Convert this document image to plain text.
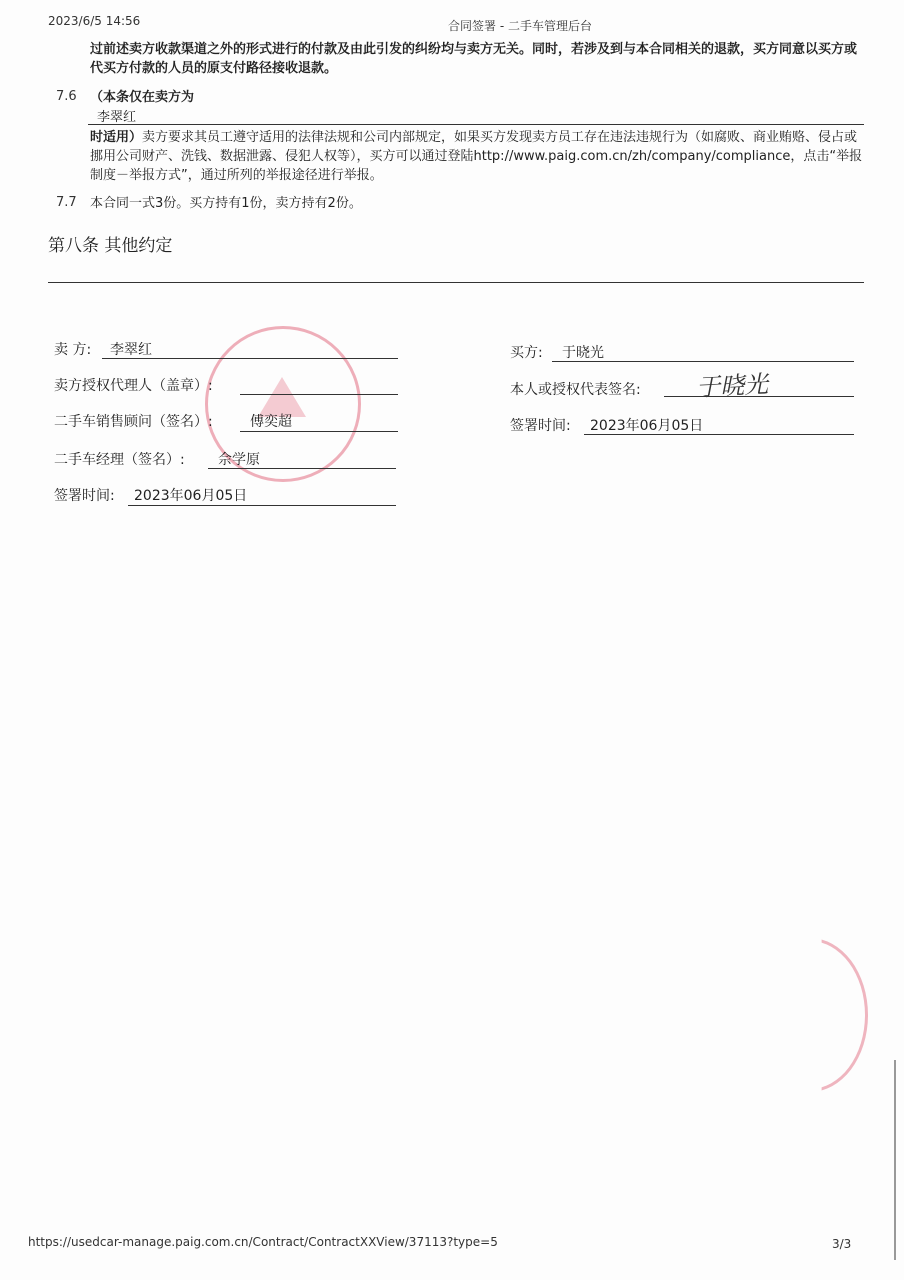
2023/6/5 14:56	合同签署 - 二手车管理后台
过前述卖方收款渠道之外的形式进行的付款及由此引发的纠纷均与卖方无关。同时，若涉及到与本合同相关的退款，买方同意以买方或代买方付款的人员的原支付路径接收退款。
7.6 （本条仅在卖方为
李翠红
时适用）卖方要求其员工遵守适用的法律法规和公司内部规定，如果买方发现卖方员工存在违法违规行为（如腐败、商业贿赂、侵占或挪用公司财产、洗钱、数据泄露、侵犯人权等），买方可以通过登陆http://www.paig.com.cn/zh/company/compliance，点击“举报制度－举报方式”，通过所列的举报途径进行举报。
7.7 本合同一式3份。买方持有1份，卖方持有2份。
第八条 其他约定
卖 方: 李翠红
卖方授权代理人（盖章）:
二手车销售顾问（签名）:	傅奕超
二手车经理（签名）: 佘学原
签署时间: 2023年06月05日
买方: 于晓光
本人或授权代表签名: 于晓光
签署时间: 2023年06月05日
https://usedcar-manage.paig.com.cn/Contract/ContractXXView/37113?type=5	3/3
